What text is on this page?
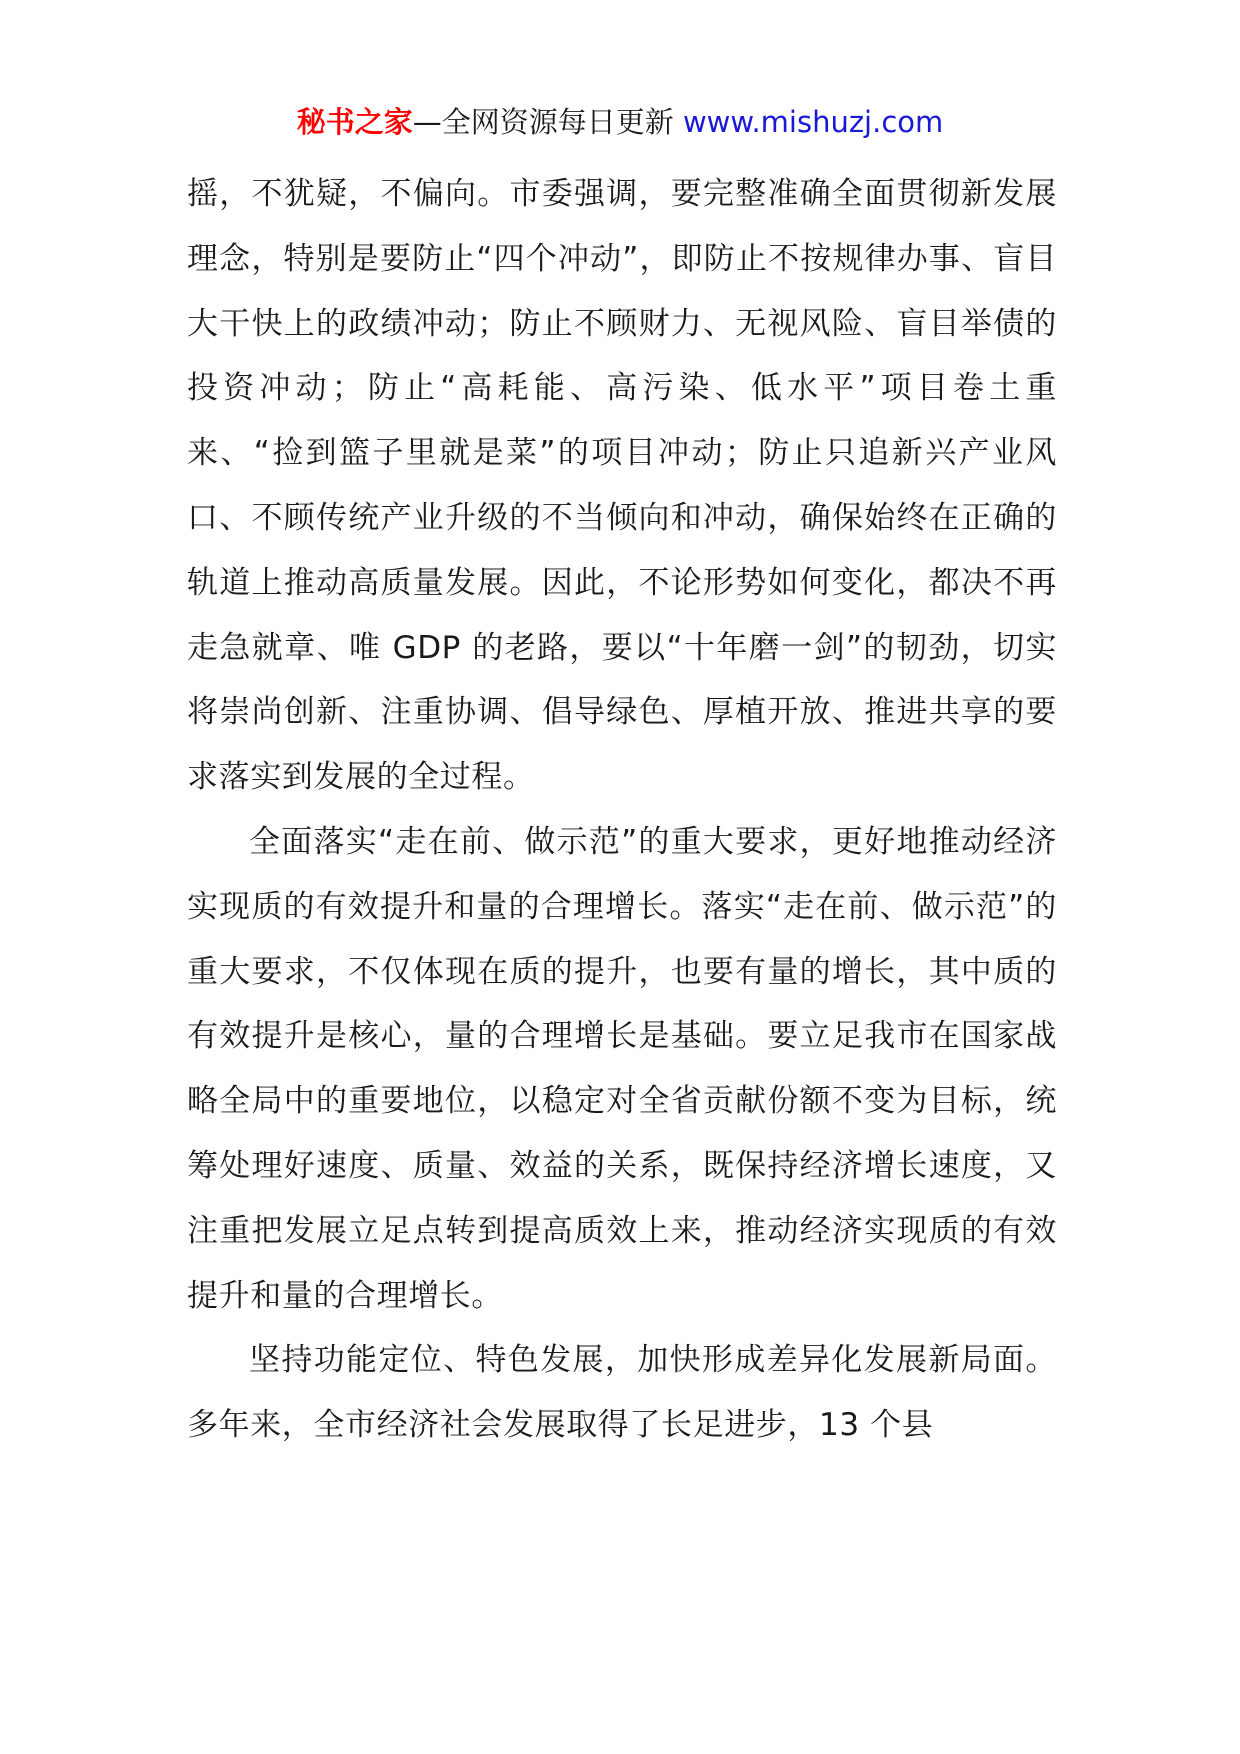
秘书之家—全网资源每日更新 www.mishuzj.com

摇，不犹疑，不偏向。市委强调，要完整准确全面贯彻新发展理念，特别是要防止“四个冲动”，即防止不按规律办事、盲目大干快上的政绩冲动；防止不顾财力、无视风险、盲目举债的投资冲动；防止“高耗能、高污染、低水平”项目卷土重来、“捡到篮子里就是菜”的项目冲动；防止只追新兴产业风口、不顾传统产业升级的不当倾向和冲动，确保始终在正确的轨道上推动高质量发展。因此，不论形势如何变化，都决不再走急就章、唯 GDP 的老路，要以“十年磨一剑”的韧劲，切实将崇尚创新、注重协调、倡导绿色、厚植开放、推进共享的要求落实到发展的全过程。

全面落实“走在前、做示范”的重大要求，更好地推动经济实现质的有效提升和量的合理增长。落实“走在前、做示范”的重大要求，不仅体现在质的提升，也要有量的增长，其中质的有效提升是核心，量的合理增长是基础。要立足我市在国家战略全局中的重要地位，以稳定对全省贡献份额不变为目标，统筹处理好速度、质量、效益的关系，既保持经济增长速度，又注重把发展立足点转到提高质效上来，推动经济实现质的有效提升和量的合理增长。

坚持功能定位、特色发展，加快形成差异化发展新局面。多年来，全市经济社会发展取得了长足进步，13 个县
